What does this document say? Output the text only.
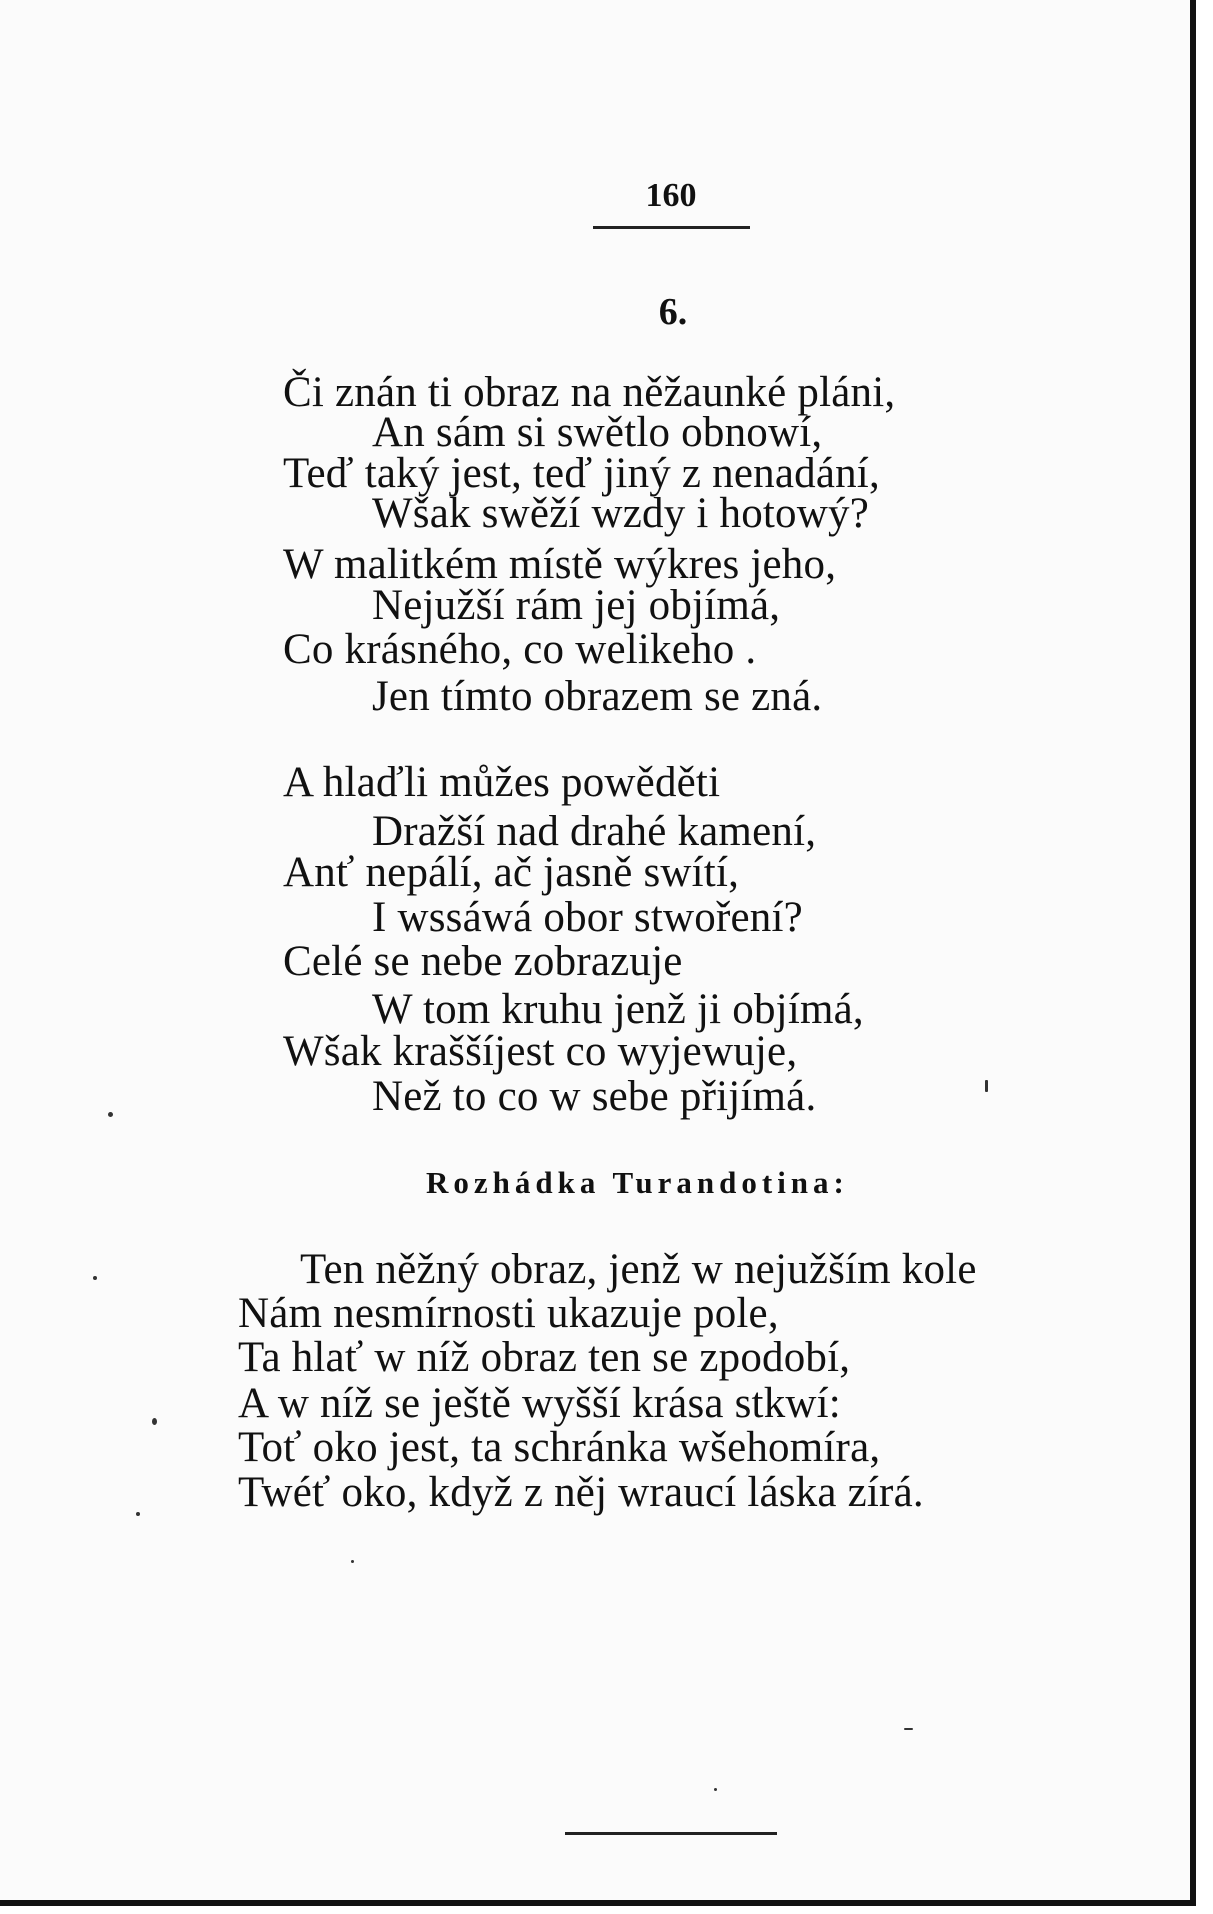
160
6.
Či znán ti obraz na něžaunké pláni,
An sám si swětlo obnowí,
Teď taký jest, teď jiný z nenadání,
Wšak swěží wzdy i hotowý?
W malitkém místě wýkres jeho,
Nejužší rám jej objímá,
Co krásného, co welikeho .
Jen tímto obrazem se zná.
A hlaďli můžes powěděti
Dražší nad drahé kamení,
Anť nepálí, ač jasně swítí,
I wssáwá obor stwoření?
Celé se nebe zobrazuje
W tom kruhu jenž ji objímá,
Wšak kraššíjest co wyjewuje,
Než to co w sebe přijímá.
Rozhádka Turandotina:
Ten něžný obraz, jenž w nejužším kole
Nám nesmírnosti ukazuje pole,
Ta hlať w níž obraz ten se zpodobí,
A w níž se ještě wyšší krása stkwí:
Toť oko jest, ta schránka wšehomíra,
Twéť oko, když z něj wraucí láska zírá.
